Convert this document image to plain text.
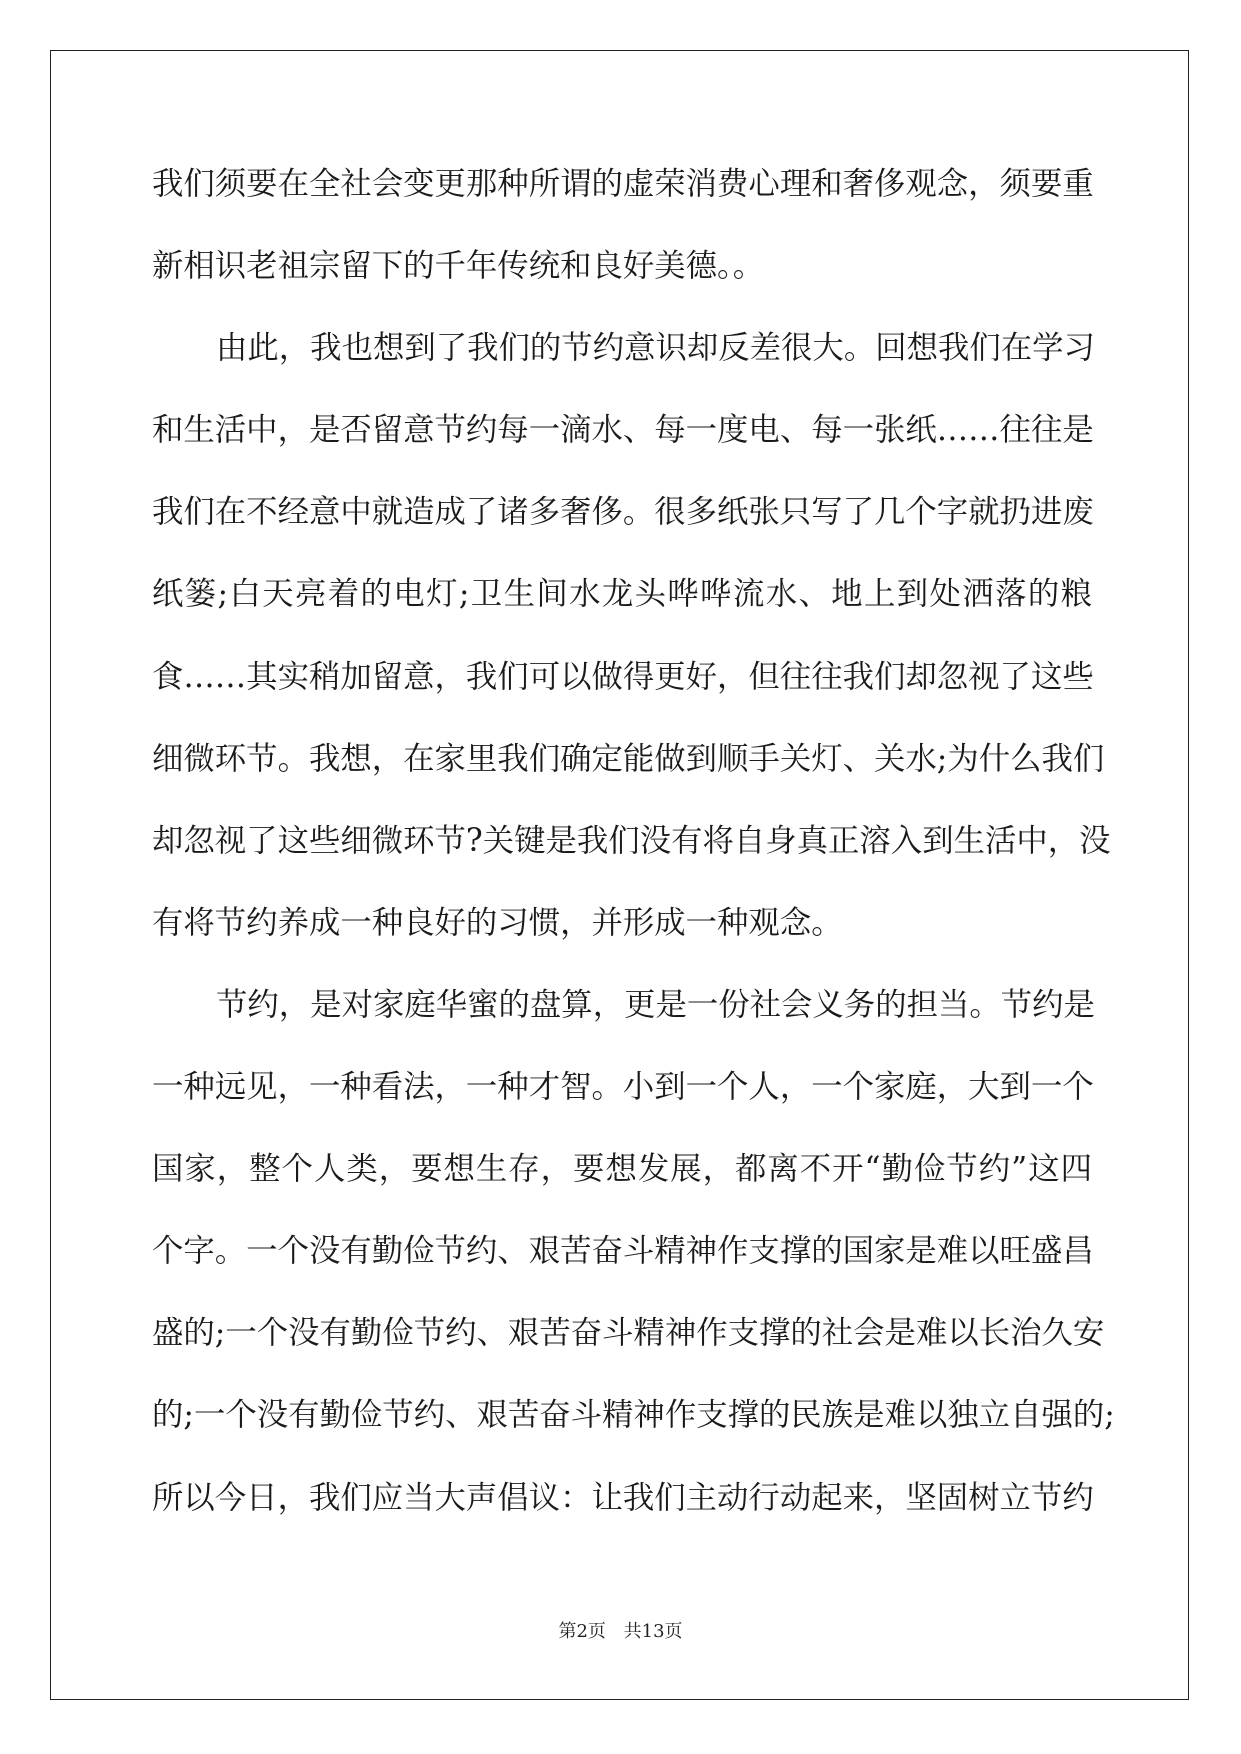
我们须要在全社会变更那种所谓的虚荣消费心理和奢侈观念，须要重
新相识老祖宗留下的千年传统和良好美德。。
由此，我也想到了我们的节约意识却反差很大。回想我们在学习
和生活中，是否留意节约每一滴水、每一度电、每一张纸……往往是
我们在不经意中就造成了诸多奢侈。很多纸张只写了几个字就扔进废
纸篓;白天亮着的电灯;卫生间水龙头哗哗流水、地上到处洒落的粮
食……其实稍加留意，我们可以做得更好，但往往我们却忽视了这些
细微环节。我想，在家里我们确定能做到顺手关灯、关水;为什么我们
却忽视了这些细微环节?关键是我们没有将自身真正溶入到生活中，没
有将节约养成一种良好的习惯，并形成一种观念。
节约，是对家庭华蜜的盘算，更是一份社会义务的担当。节约是
一种远见，一种看法，一种才智。小到一个人，一个家庭，大到一个
国家，整个人类，要想生存，要想发展，都离不开“勤俭节约”这四
个字。一个没有勤俭节约、艰苦奋斗精神作支撑的国家是难以旺盛昌
盛的;一个没有勤俭节约、艰苦奋斗精神作支撑的社会是难以长治久安
的;一个没有勤俭节约、艰苦奋斗精神作支撑的民族是难以独立自强的;
所以今日，我们应当大声倡议：让我们主动行动起来，坚固树立节约
第2页 共13页
